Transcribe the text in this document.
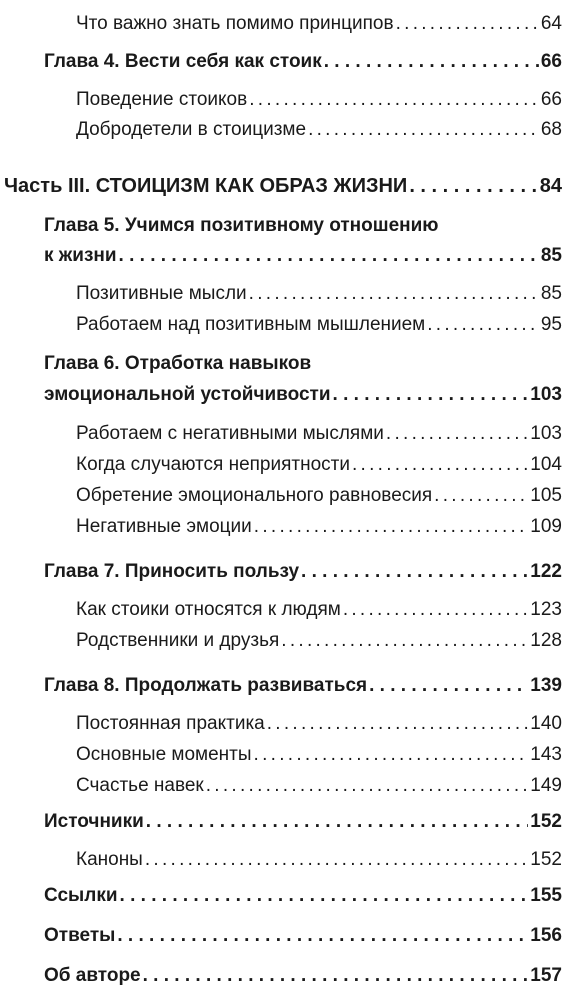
Что важно знать помимо принципов . . .	64
Глава 4. Вести себя как стоик . . .	66
Поведение стоиков . . .	66
Добродетели в стоицизме . . .	68
Часть III. СТОИЦИЗМ КАК ОБРАЗ ЖИЗНИ . . .	84
Глава 5. Учимся позитивному отношению
к жизни . . .	85
Позитивные мысли . . .	85
Работаем над позитивным мышлением . . .	95
Глава 6. Отработка навыков
эмоциональной устойчивости . . .	103
Работаем с негативными мыслями . . .	103
Когда случаются неприятности . . .	104
Обретение эмоционального равновесия . . .	105
Негативные эмоции . . .	109
Глава 7. Приносить пользу . . .	122
Как стоики относятся к людям . . .	123
Родственники и друзья . . .	128
Глава 8. Продолжать развиваться . . .	139
Постоянная практика . . .	140
Основные моменты . . .	143
Счастье навек . . .	149
Источники . . .	152
Каноны . . .	152
Ссылки . . .	155
Ответы . . .	156
Об авторе . . .	157
